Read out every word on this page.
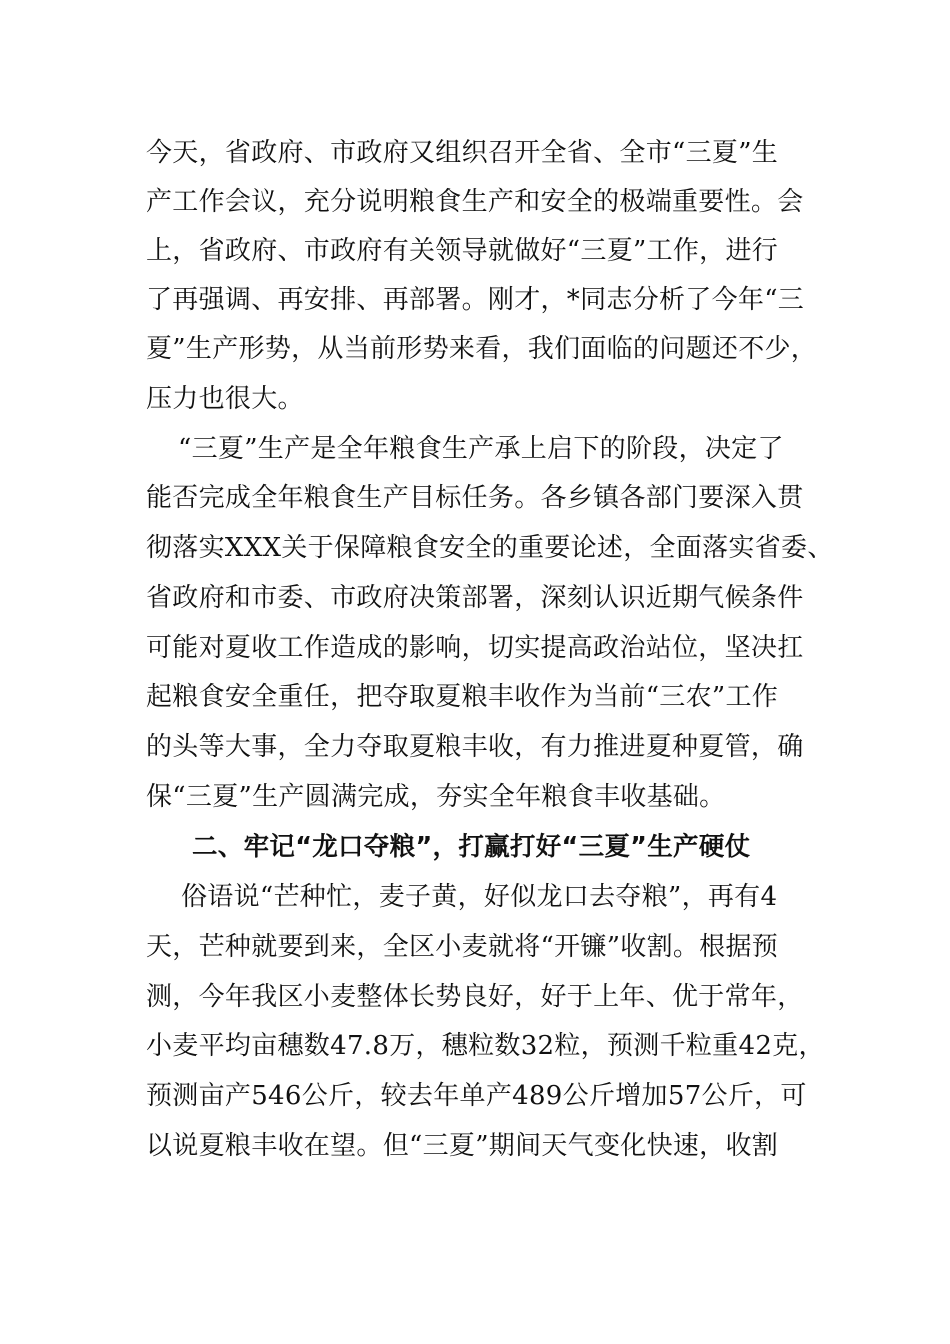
今天，省政府、市政府又组织召开全省、全市“三夏”生

产工作会议，充分说明粮食生产和安全的极端重要性。会

上，省政府、市政府有关领导就做好“三夏”工作，进行

了再强调、再安排、再部署。刚才，*同志分析了今年“三

夏”生产形势，从当前形势来看，我们面临的问题还不少，

压力也很大。

“三夏”生产是全年粮食生产承上启下的阶段，决定了

能否完成全年粮食生产目标任务。各乡镇各部门要深入贯

彻落实XXX关于保障粮食安全的重要论述，全面落实省委、

省政府和市委、市政府决策部署，深刻认识近期气候条件

可能对夏收工作造成的影响，切实提高政治站位，坚决扛

起粮食安全重任，把夺取夏粮丰收作为当前“三农”工作

的头等大事，全力夺取夏粮丰收，有力推进夏种夏管，确

保“三夏”生产圆满完成，夯实全年粮食丰收基础。

二、牢记“龙口夺粮”，打赢打好“三夏”生产硬仗

俗语说“芒种忙，麦子黄，好似龙口去夺粮”，再有4

天，芒种就要到来，全区小麦就将“开镰”收割。根据预

测，今年我区小麦整体长势良好，好于上年、优于常年，

小麦平均亩穗数47.8万，穗粒数32粒，预测千粒重42克，

预测亩产546公斤，较去年单产489公斤增加57公斤，可

以说夏粮丰收在望。但“三夏”期间天气变化快速，收割
